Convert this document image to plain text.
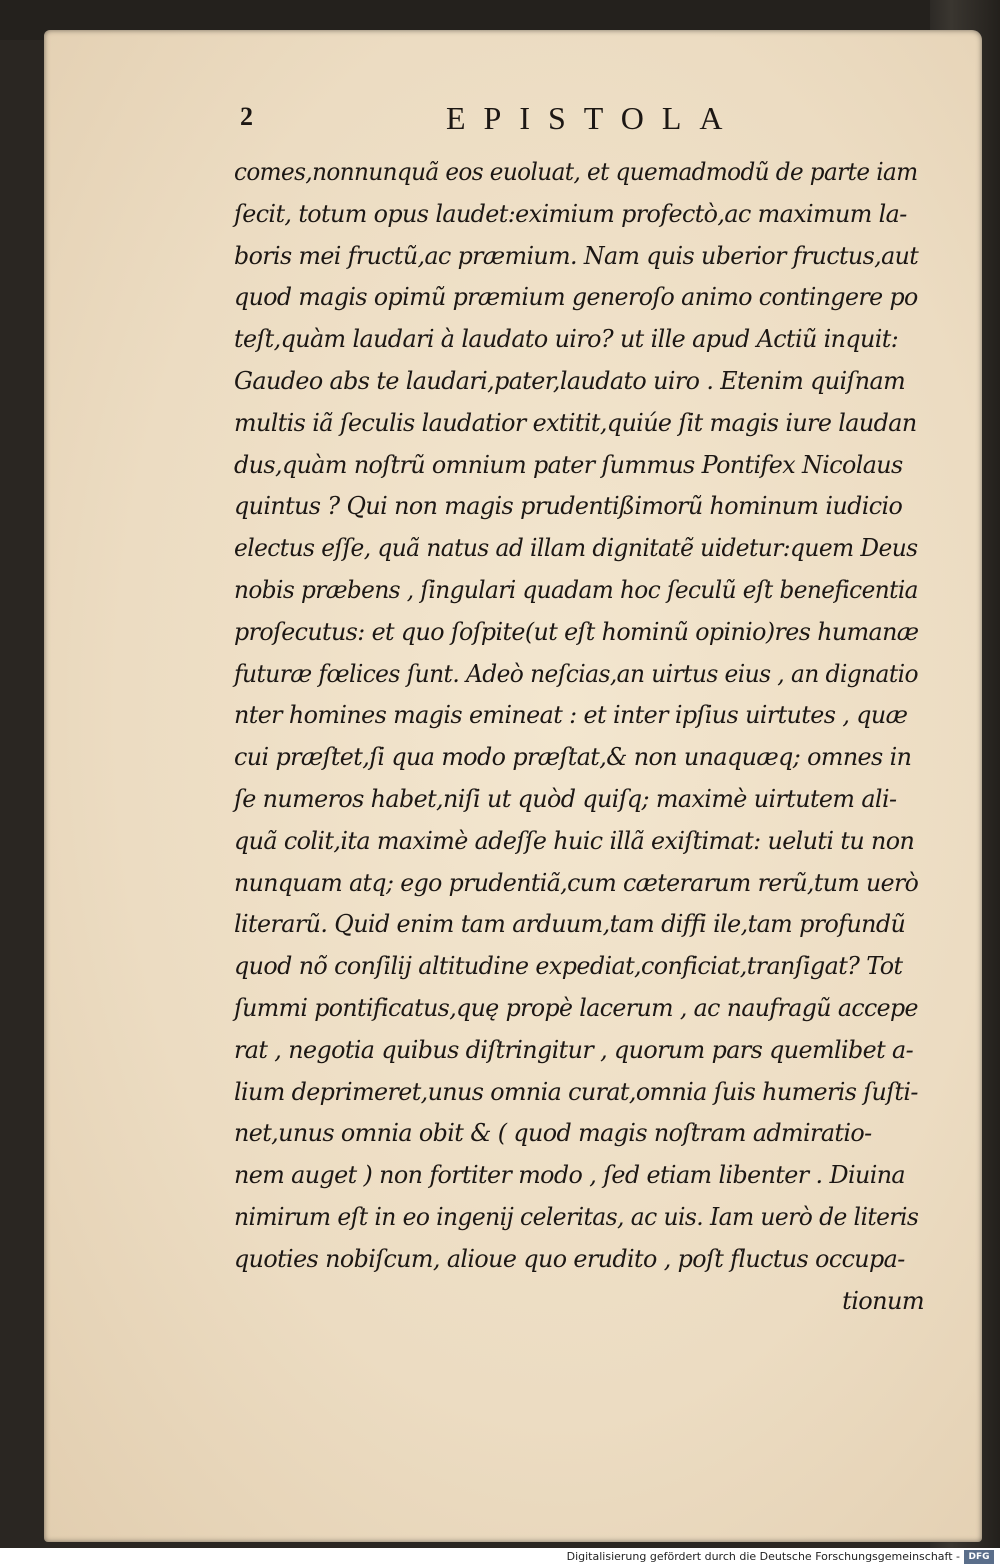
2	EPISTOLA
comes,nonnunquã eos euoluat, et quemadmodũ de parte iam
ſecit, totum opus laudet:eximium profectò,ac maximum la-
boris mei fructũ,ac præmium. Nam quis uberior fructus,aut
quod magis opimũ præmium generoſo animo contingere po
teſt,quàm laudari à laudato uiro? ut ille apud Actiũ inquit:
Gaudeo abs te laudari,pater,laudato uiro . Etenim quiſnam
multis iã ſeculis laudatior extitit,quiúe ſit magis iure laudan
dus,quàm noſtrũ omnium pater ſummus Pontifex Nicolaus
quintus ? Qui non magis prudentißimorũ hominum iudicio
electus eſſe, quã natus ad illam dignitatẽ uidetur:quem Deus
nobis præbens , ſingulari quadam hoc ſeculũ eſt beneficentia
proſecutus: et quo ſoſpite(ut eſt hominũ opinio)res humanæ
futuræ fœlices ſunt. Adeò neſcias,an uirtus eius , an dignatio
nter homines magis emineat : et inter ipſius uirtutes , quæ
cui præſtet,ſi qua modo præſtat,& non unaquæq; omnes in
ſe numeros habet,niſi ut quòd quiſq; maximè uirtutem ali-
quã colit,ita maximè adeſſe huic illã exiſtimat: ueluti tu non
nunquam atq; ego prudentiã,cum cæterarum rerũ,tum uerò
literarũ. Quid enim tam arduum,tam diffi ile,tam profundũ
quod nõ conſilij altitudine expediat,conficiat,tranſigat? Tot
ſummi pontificatus,quę propè lacerum , ac naufragũ accepe
rat , negotia quibus diſtringitur , quorum pars quemlibet a-
lium deprimeret,unus omnia curat,omnia ſuis humeris ſuſti-
net,unus omnia obit & ( quod magis noſtram admiratio-
nem auget ) non fortiter modo , ſed etiam libenter . Diuina
nimirum eſt in eo ingenij celeritas, ac uis. Iam uerò de literis
quoties nobiſcum, alioue quo erudito , poſt fluctus occupa-
tionum
Digitalisierung gefördert durch die Deutsche Forschungsgemeinschaft - DFG
